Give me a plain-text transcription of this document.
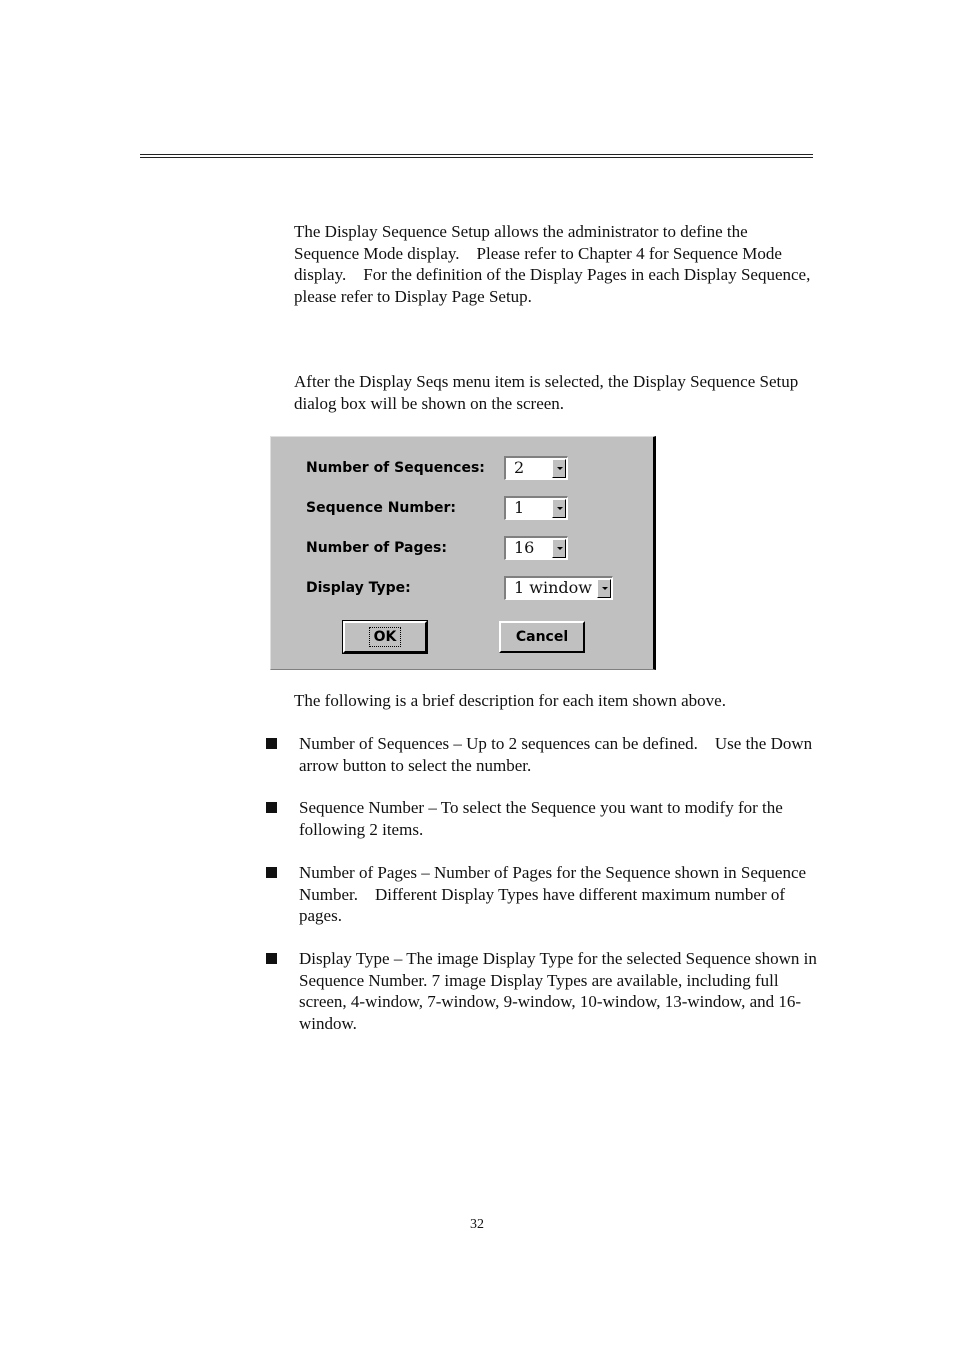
The Display Sequence Setup allows the administrator to define the Sequence Mode display.    Please refer to Chapter 4 for Sequence Mode display.    For the definition of the Display Pages in each Display Sequence, please refer to Display Page Setup.

After the Display Seqs menu item is selected, the Display Sequence Setup dialog box will be shown on the screen.

Number of Sequences: 2
Sequence Number:	1
Number of Pages:	16
Display Type:	1 window
OK	Cancel

The following is a brief description for each item shown above.

Number of Sequences – Up to 2 sequences can be defined.    Use the Down arrow button to select the number.

Sequence Number – To select the Sequence you want to modify for the following 2 items.

Number of Pages – Number of Pages for the Sequence shown in Sequence Number.    Different Display Types have different maximum number of pages.

Display Type – The image Display Type for the selected Sequence shown in Sequence Number. 7 image Display Types are available, including full screen, 4-window, 7-window, 9-window, 10-window, 13-window, and 16-window.

32
